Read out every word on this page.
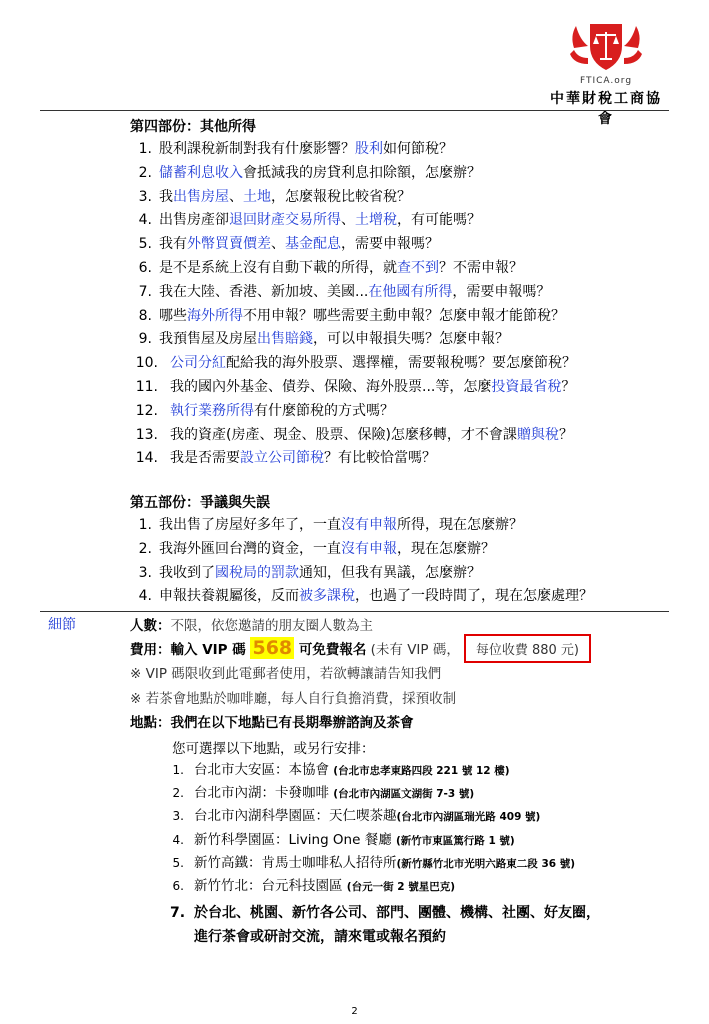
FTICA.org
中華財稅工商協會
第四部份：其他所得
1. 股利課稅新制對我有什麼影響？股利如何節稅？
2. 儲蓄利息收入會抵減我的房貸利息扣除額，怎麼辦？
3. 我出售房屋、土地，怎麼報稅比較省稅？
4. 出售房產卻退回財產交易所得、土增稅，有可能嗎？
5. 我有外幣買賣價差、基金配息，需要申報嗎？
6. 是不是系統上沒有自動下載的所得，就查不到？不需申報？
7. 我在大陸、香港、新加坡、美國...在他國有所得，需要申報嗎？
8. 哪些海外所得不用申報？哪些需要主動申報？怎麼申報才能節稅？
9. 我預售屋及房屋出售賠錢，可以申報損失嗎？怎麼申報？
10. 公司分紅配給我的海外股票、選擇權，需要報稅嗎？要怎麼節稅？
11. 我的國內外基金、債券、保險、海外股票...等，怎麼投資最省稅？
12. 執行業務所得有什麼節稅的方式嗎？
13. 我的資產(房產、現金、股票、保險)怎麼移轉，才不會課贈與稅？
14. 我是否需要設立公司節稅？有比較恰當嗎？
第五部份：爭議與失誤
1. 我出售了房屋好多年了，一直沒有申報所得，現在怎麼辦？
2. 我海外匯回台灣的資金，一直沒有申報，現在怎麼辦？
3. 我收到了國稅局的罰款通知，但我有異議，怎麼辦？
4. 申報扶養親屬後，反而被多課稅，也過了一段時間了，現在怎麼處理？
細節	人數：不限，依您邀請的朋友圈人數為主
費用：輸入 VIP 碼 568 可免費報名 (未有 VIP 碼， 每位收費 880 元)
※ VIP 碼限收到此電郵者使用，若欲轉讓請告知我們
※ 若茶會地點於咖啡廳，每人自行負擔消費，採預收制
地點：我們在以下地點已有長期舉辦諮詢及茶會
您可選擇以下地點，或另行安排：
1. 台北市大安區：本協會 (台北市忠孝東路四段 221 號 12 樓)
2. 台北市內湖：卡發咖啡 (台北市內湖區文湖街 7-3 號)
3. 台北市內湖科學園區：天仁喫茶趣(台北市內湖區瑞光路 409 號)
4. 新竹科學園區：Living One 餐廳 (新竹市東區篤行路 1 號)
5. 新竹高鐵：肯馬士咖啡私人招待所(新竹縣竹北市光明六路東二段 36 號)
6. 新竹竹北：台元科技園區 (台元一街 2 號星巴克)
7. 於台北、桃園、新竹各公司、部門、團體、機構、社團、好友圈，
進行茶會或研討交流，請來電或報名預約
2
